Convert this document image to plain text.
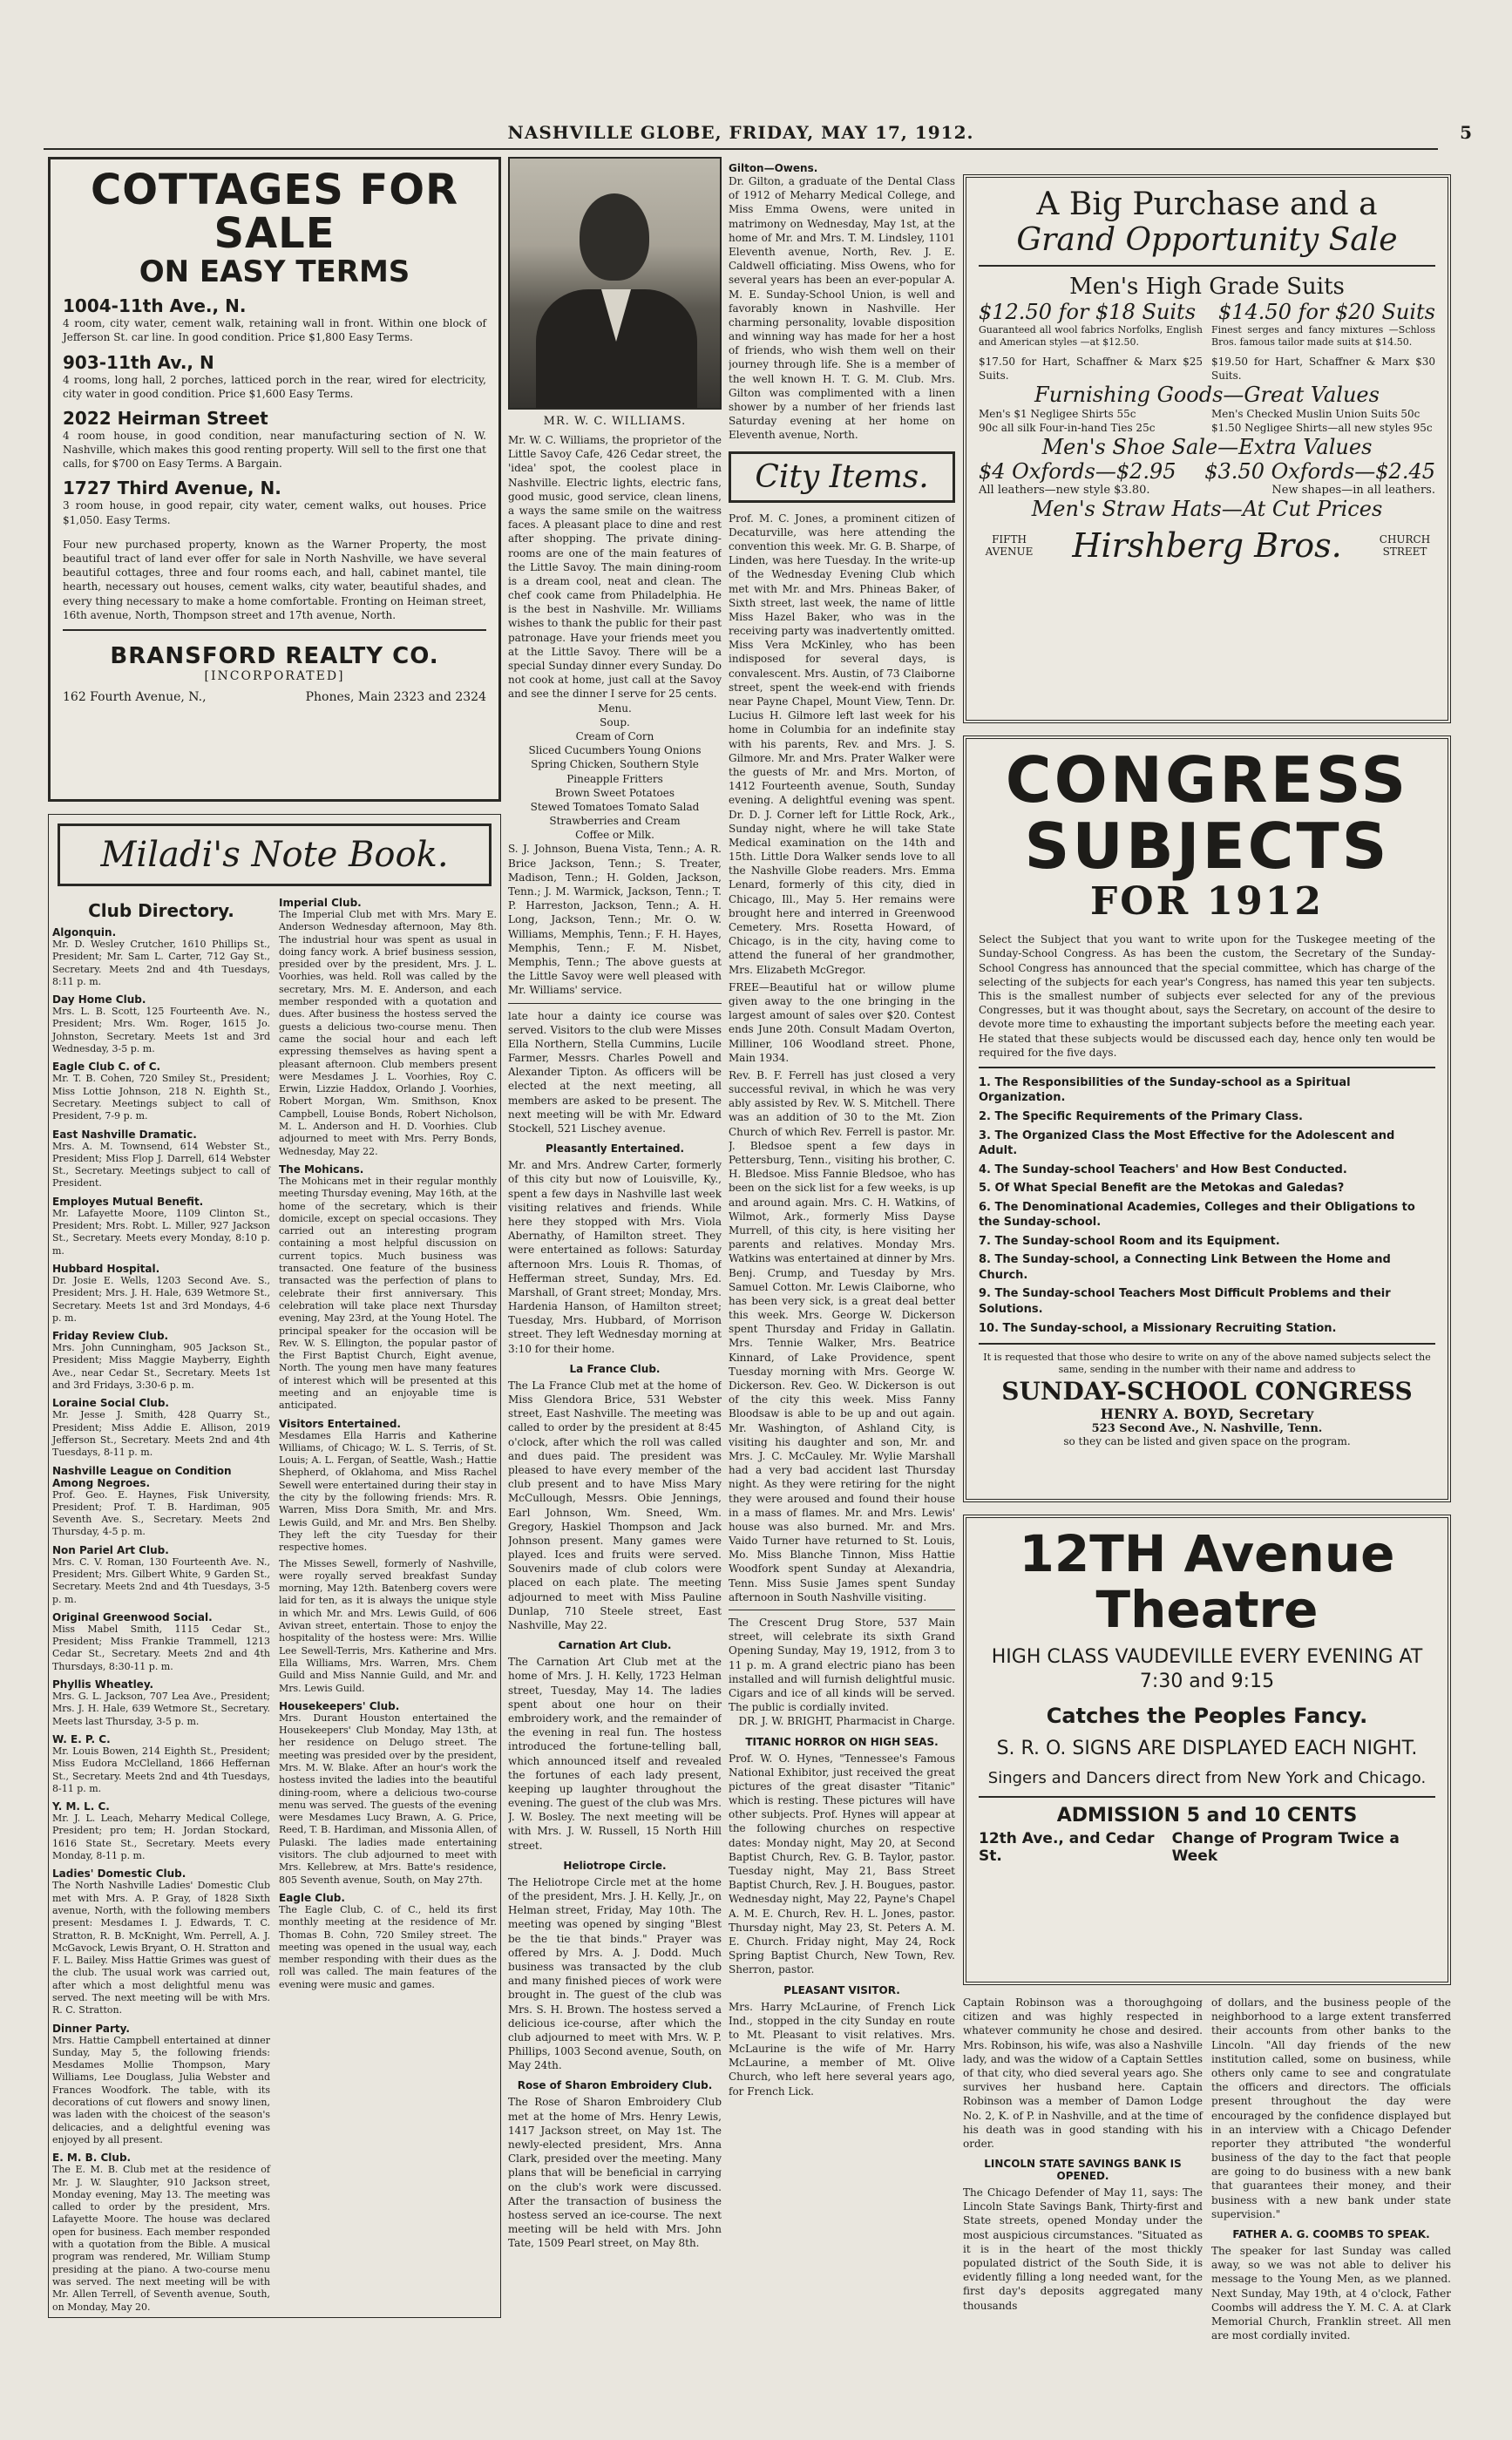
NASHVILLE GLOBE, FRIDAY, MAY 17, 1912.	5
COTTAGES FOR SALE
ON EASY TERMS
1004-11th Ave., N.
4 room, city water, cement walk, retaining wall in front. Within one block of Jefferson St. car line. In good condition. Price $1,800 Easy Terms.
903-11th Av., N
4 rooms, long hall, 2 porches, latticed porch in the rear, wired for electricity, city water in good condition. Price $1,600 Easy Terms.
2022 Heirman Street
4 room house, in good condition, near manufacturing section of N. W. Nashville, which makes this good renting property. Will sell to the first one that calls, for $700 on Easy Terms. A Bargain.
1727 Third Avenue, N.
3 room house, in good repair, city water, cement walks, out houses. Price $1,050. Easy Terms.
Four new purchased property, known as the Warner Property, the most beautiful tract of land ever offer for sale in North Nashville, we have several beautiful cottages, three and four rooms each, and hall, cabinet mantel, tile hearth, necessary out houses, cement walks, city water, beautiful shades, and every thing necessary to make a home comfortable. Fronting on Heiman street, 16th avenue, North, Thompson street and 17th avenue, North.
BRANSFORD REALTY CO.
[INCORPORATED]
162 Fourth Avenue, N.,	Phones, Main 2323 and 2324
Miladi's Note Book.
Club Directory.
Algonquin.
Mr. D. Wesley Crutcher, 1610 Phillips St., President; Mr. Sam L. Carter, 712 Gay St., Secretary. Meets 2nd and 4th Tuesdays, 8:11 p. m.
Day Home Club.
Mrs. L. B. Scott, 125 Fourteenth Ave. N., President; Mrs. Wm. Roger, 1615 Jo. Johnston, Secretary. Meets 1st and 3rd Wednesday, 3-5 p. m.
Eagle Club C. of C.
Mr. T. B. Cohen, 720 Smiley St., President; Miss Lottie Johnson, 218 N. Eighth St., Secretary. Meetings subject to call of President, 7-9 p. m.
East Nashville Dramatic.
Mrs. A. M. Townsend, 614 Webster St., President; Miss Flop J. Darrell, 614 Webster St., Secretary. Meetings subject to call of President.
Employes Mutual Benefit.
Mr. Lafayette Moore, 1109 Clinton St., President; Mrs. Robt. L. Miller, 927 Jackson St., Secretary. Meets every Monday, 8:10 p. m.
Hubbard Hospital.
Dr. Josie E. Wells, 1203 Second Ave. S., President; Mrs. J. H. Hale, 639 Wetmore St., Secretary. Meets 1st and 3rd Mondays, 4-6 p. m.
Friday Review Club.
Mrs. John Cunningham, 905 Jackson St., President; Miss Maggie Mayberry, Eighth Ave., near Cedar St., Secretary. Meets 1st and 3rd Fridays, 3:30-6 p. m.
Loraine Social Club.
Mr. Jesse J. Smith, 428 Quarry St., President; Miss Addie E. Allison, 2019 Jefferson St., Secretary. Meets 2nd and 4th Tuesdays, 8-11 p. m.
Nashville League on Condition Among Negroes.
Prof. Geo. E. Haynes, Fisk University, President; Prof. T. B. Hardiman, 905 Seventh Ave. S., Secretary. Meets 2nd Thursday, 4-5 p. m.
Non Pariel Art Club.
Mrs. C. V. Roman, 130 Fourteenth Ave. N., President; Mrs. Gilbert White, 9 Garden St., Secretary. Meets 2nd and 4th Tuesdays, 3-5 p. m.
Original Greenwood Social.
Miss Mabel Smith, 1115 Cedar St., President; Miss Frankie Trammell, 1213 Cedar St., Secretary. Meets 2nd and 4th Thursdays, 8:30-11 p. m.
Phyllis Wheatley.
Mrs. G. L. Jackson, 707 Lea Ave., President; Mrs. J. H. Hale, 639 Wetmore St., Secretary. Meets last Thursday, 3-5 p. m.
W. E. P. C.
Mr. Louis Bowen, 214 Eighth St., President; Miss Eudora McClelland, 1866 Heffernan St., Secretary. Meets 2nd and 4th Tuesdays, 8-11 p. m.
Y. M. L. C.
Mr. J. L. Leach, Meharry Medical College, President; pro tem; H. Jordan Stockard, 1616 State St., Secretary. Meets every Monday, 8-11 p. m.
Ladies' Domestic Club.
The North Nashville Ladies' Domestic Club met with Mrs. A. P. Gray, of 1828 Sixth avenue, North, with the following members present: Mesdames I. J. Edwards, T. C. Stratton, R. B. McKnight, Wm. Perrell, A. J. McGavock, Lewis Bryant, O. H. Stratton and F. L. Bailey. Miss Hattie Grimes was guest of the club. The usual work was carried out, after which a most delightful menu was served. The next meeting will be with Mrs. R. C. Stratton.
Dinner Party.
Mrs. Hattie Campbell entertained at dinner Sunday, May 5, the following friends: Mesdames Mollie Thompson, Mary Williams, Lee Douglass, Julia Webster and Frances Woodfork. The table, with its decorations of cut flowers and snowy linen, was laden with the choicest of the season's delicacies, and a delightful evening was enjoyed by all present.
E. M. B. Club.
The E. M. B. Club met at the residence of Mr. J. W. Slaughter, 910 Jackson street, Monday evening, May 13. The meeting was called to order by the president, Mrs. Lafayette Moore. The house was declared open for business. Each member responded with a quotation from the Bible. A musical program was rendered, Mr. William Stump presiding at the piano. A two-course menu was served. The next meeting will be with Mr. Allen Terrell, of Seventh avenue, South, on Monday, May 20.
Imperial Club.
The Imperial Club met with Mrs. Mary E. Anderson Wednesday afternoon, May 8th. The industrial hour was spent as usual in doing fancy work. A brief business session, presided over by the president, Mrs. J. L. Voorhies, was held. Roll was called by the secretary, Mrs. M. E. Anderson, and each member responded with a quotation and dues. After business the hostess served the guests a delicious two-course menu. Then came the social hour and each left expressing themselves as having spent a pleasant afternoon. Club members present were Mesdames J. L. Voorhies, Roy C. Erwin, Lizzie Haddox, Orlando J. Voorhies, Robert Morgan, Wm. Smithson, Knox Campbell, Louise Bonds, Robert Nicholson, M. L. Anderson and H. D. Voorhies. Club adjourned to meet with Mrs. Perry Bonds, Wednesday, May 22.
The Mohicans.
The Mohicans met in their regular monthly meeting Thursday evening, May 16th, at the home of the secretary, which is their domicile, except on special occasions. They carried out an interesting program containing a most helpful discussion on current topics. Much business was transacted. One feature of the business transacted was the perfection of plans to celebrate their first anniversary. This celebration will take place next Thursday evening, May 23rd, at the Young Hotel. The principal speaker for the occasion will be Rev. W. S. Ellington, the popular pastor of the First Baptist Church, Eight avenue, North. The young men have many features of interest which will be presented at this meeting and an enjoyable time is anticipated.
Visitors Entertained.
Mesdames Ella Harris and Katherine Williams, of Chicago; W. L. S. Terris, of St. Louis; A. L. Fergan, of Seattle, Wash.; Hattie Shepherd, of Oklahoma, and Miss Rachel Sewell were entertained during their stay in the city by the following friends: Mrs. R. Warren, Miss Dora Smith, Mr. and Mrs. Lewis Guild, and Mr. and Mrs. Ben Shelby. They left the city Tuesday for their respective homes.
The Misses Sewell, formerly of Nashville, were royally served breakfast Sunday morning, May 12th. Batenberg covers were laid for ten, as it is always the unique style in which Mr. and Mrs. Lewis Guild, of 606 Avivan street, entertain. Those to enjoy the hospitality of the hostess were: Mrs. Willie Lee Sewell-Terris, Mrs. Katherine and Mrs. Ella Williams, Mrs. Warren, Mrs. Chem Guild and Miss Nannie Guild, and Mr. and Mrs. Lewis Guild.
Housekeepers' Club.
Mrs. Durant Houston entertained the Housekeepers' Club Monday, May 13th, at her residence on Delugo street. The meeting was presided over by the president, Mrs. M. W. Blake. After an hour's work the hostess invited the ladies into the beautiful dining-room, where a delicious two-course menu was served. The guests of the evening were Mesdames Lucy Brawn, A. G. Price, Reed, T. B. Hardiman, and Missonia Allen, of Pulaski. The ladies made entertaining visitors. The club adjourned to meet with Mrs. Kellebrew, at Mrs. Batte's residence, 805 Seventh avenue, South, on May 27th.
Eagle Club.
The Eagle Club, C. of C., held its first monthly meeting at the residence of Mr. Thomas B. Cohn, 720 Smiley street. The meeting was opened in the usual way, each member responding with their dues as the roll was called. The main features of the evening were music and games.
MR. W. C. WILLIAMS.
Mr. W. C. Williams, the proprietor of the Little Savoy Cafe, 426 Cedar street, the 'idea' spot, the coolest place in Nashville. Electric lights, electric fans, good music, good service, clean linens, a ways the same smile on the waitress faces. A pleasant place to dine and rest after shopping. The private dining-rooms are one of the main features of the Little Savoy. The main dining-room is a dream cool, neat and clean. The chef cook came from Philadelphia. He is the best in Nashville. Mr. Williams wishes to thank the public for their past patronage. Have your friends meet you at the Little Savoy. There will be a special Sunday dinner every Sunday. Do not cook at home, just call at the Savoy and see the dinner I serve for 25 cents.
Menu.
Soup.
Cream of Corn
Sliced Cucumbers Young Onions
Spring Chicken, Southern Style
Pineapple Fritters
Brown Sweet Potatoes
Stewed Tomatoes Tomato Salad
Strawberries and Cream
Coffee or Milk.
S. J. Johnson, Buena Vista, Tenn.; A. R. Brice Jackson, Tenn.; S. Treater, Madison, Tenn.; H. Golden, Jackson, Tenn.; J. M. Warmick, Jackson, Tenn.; T. P. Harreston, Jackson, Tenn.; A. H. Long, Jackson, Tenn.; Mr. O. W. Williams, Memphis, Tenn.; F. H. Hayes, Memphis, Tenn.; F. M. Nisbet, Memphis, Tenn.; The above guests at the Little Savoy were well pleased with Mr. Williams' service.
late hour a dainty ice course was served. Visitors to the club were Misses Ella Northern, Stella Cummins, Lucile Farmer, Messrs. Charles Powell and Alexander Tipton. As officers will be elected at the next meeting, all members are asked to be present. The next meeting will be with Mr. Edward Stockell, 521 Lischey avenue.
Pleasantly Entertained.
Mr. and Mrs. Andrew Carter, formerly of this city but now of Louisville, Ky., spent a few days in Nashville last week visiting relatives and friends. While here they stopped with Mrs. Viola Abernathy, of Hamilton street. They were entertained as follows: Saturday afternoon Mrs. Louis R. Thomas, of Hefferman street, Sunday, Mrs. Ed. Marshall, of Grant street; Monday, Mrs. Hardenia Hanson, of Hamilton street; Tuesday, Mrs. Hubbard, of Morrison street. They left Wednesday morning at 3:10 for their home.
La France Club.
The La France Club met at the home of Miss Glendora Brice, 531 Webster street, East Nashville. The meeting was called to order by the president at 8:45 o'clock, after which the roll was called and dues paid. The president was pleased to have every member of the club present and to have Miss Mary McCullough, Messrs. Obie Jennings, Earl Johnson, Wm. Sneed, Wm. Gregory, Haskiel Thompson and Jack Johnson present. Many games were played. Ices and fruits were served. Souvenirs made of club colors were placed on each plate. The meeting adjourned to meet with Miss Pauline Dunlap, 710 Steele street, East Nashville, May 22.
Carnation Art Club.
The Carnation Art Club met at the home of Mrs. J. H. Kelly, 1723 Helman street, Tuesday, May 14. The ladies spent about one hour on their embroidery work, and the remainder of the evening in real fun. The hostess introduced the fortune-telling ball, which announced itself and revealed the fortunes of each lady present, keeping up laughter throughout the evening. The guest of the club was Mrs. J. W. Bosley. The next meeting will be with Mrs. J. W. Russell, 15 North Hill street.
Heliotrope Circle.
The Heliotrope Circle met at the home of the president, Mrs. J. H. Kelly, Jr., on Helman street, Friday, May 10th. The meeting was opened by singing "Blest be the tie that binds." Prayer was offered by Mrs. A. J. Dodd. Much business was transacted by the club and many finished pieces of work were brought in. The guest of the club was Mrs. S. H. Brown. The hostess served a delicious ice-course, after which the club adjourned to meet with Mrs. W. P. Phillips, 1003 Second avenue, South, on May 24th.
Rose of Sharon Embroidery Club.
The Rose of Sharon Embroidery Club met at the home of Mrs. Henry Lewis, 1417 Jackson street, on May 1st. The newly-elected president, Mrs. Anna Clark, presided over the meeting. Many plans that will be beneficial in carrying on the club's work were discussed. After the transaction of business the hostess served an ice-course. The next meeting will be held with Mrs. John Tate, 1509 Pearl street, on May 8th.
Gilton—Owens.
Dr. Gilton, a graduate of the Dental Class of 1912 of Meharry Medical College, and Miss Emma Owens, were united in matrimony on Wednesday, May 1st, at the home of Mr. and Mrs. T. M. Lindsley, 1101 Eleventh avenue, North, Rev. J. E. Caldwell officiating. Miss Owens, who for several years has been an ever-popular A. M. E. Sunday-School Union, is well and favorably known in Nashville. Her charming personality, lovable disposition and winning way has made for her a host of friends, who wish them well on their journey through life. She is a member of the well known H. T. G. M. Club. Mrs. Gilton was complimented with a linen shower by a number of her friends last Saturday evening at her home on Eleventh avenue, North.
City Items.
Prof. M. C. Jones, a prominent citizen of Decaturville, was here attending the convention this week. Mr. G. B. Sharpe, of Linden, was here Tuesday. In the write-up of the Wednesday Evening Club which met with Mr. and Mrs. Phineas Baker, of Sixth street, last week, the name of little Miss Hazel Baker, who was in the receiving party was inadvertently omitted. Miss Vera McKinley, who has been indisposed for several days, is convalescent. Mrs. Austin, of 73 Claiborne street, spent the week-end with friends near Payne Chapel, Mount View, Tenn. Dr. Lucius H. Gilmore left last week for his home in Columbia for an indefinite stay with his parents, Rev. and Mrs. J. S. Gilmore. Mr. and Mrs. Prater Walker were the guests of Mr. and Mrs. Morton, of 1412 Fourteenth avenue, South, Sunday evening. A delightful evening was spent. Dr. D. J. Corner left for Little Rock, Ark., Sunday night, where he will take State Medical examination on the 14th and 15th. Little Dora Walker sends love to all the Nashville Globe readers. Mrs. Emma Lenard, formerly of this city, died in Chicago, Ill., May 5. Her remains were brought here and interred in Greenwood Cemetery. Mrs. Rosetta Howard, of Chicago, is in the city, having come to attend the funeral of her grandmother, Mrs. Elizabeth McGregor.
FREE—Beautiful hat or willow plume given away to the one bringing in the largest amount of sales over $20. Contest ends June 20th. Consult Madam Overton, Milliner, 106 Woodland street. Phone, Main 1934.
Rev. B. F. Ferrell has just closed a very successful revival, in which he was very ably assisted by Rev. W. S. Mitchell. There was an addition of 30 to the Mt. Zion Church of which Rev. Ferrell is pastor. Mr. J. Bledsoe spent a few days in Pettersburg, Tenn., visiting his brother, C. H. Bledsoe. Miss Fannie Bledsoe, who has been on the sick list for a few weeks, is up and around again. Mrs. C. H. Watkins, of Wilmot, Ark., formerly Miss Dayse Murrell, of this city, is here visiting her parents and relatives. Monday Mrs. Watkins was entertained at dinner by Mrs. Benj. Crump, and Tuesday by Mrs. Samuel Cotton. Mr. Lewis Claiborne, who has been very sick, is a great deal better this week. Mrs. George W. Dickerson spent Thursday and Friday in Gallatin. Mrs. Tennie Walker, Mrs. Beatrice Kinnard, of Lake Providence, spent Tuesday morning with Mrs. George W. Dickerson. Rev. Geo. W. Dickerson is out of the city this week. Miss Fanny Bloodsaw is able to be up and out again. Mr. Washington, of Ashland City, is visiting his daughter and son, Mr. and Mrs. J. C. McCauley. Mr. Wylie Marshall had a very bad accident last Thursday night. As they were retiring for the night they were aroused and found their house in a mass of flames. Mr. and Mrs. Lewis' house was also burned. Mr. and Mrs. Vaido Turner have returned to St. Louis, Mo. Miss Blanche Tinnon, Miss Hattie Woodfork spent Sunday at Alexandria, Tenn. Miss Susie James spent Sunday afternoon in South Nashville visiting.
The Crescent Drug Store, 537 Main street, will celebrate its sixth Grand Opening Sunday, May 19, 1912, from 3 to 11 p. m. A grand electric piano has been installed and will furnish delightful music. Cigars and ice of all kinds will be served. The public is cordially invited.
DR. J. W. BRIGHT, Pharmacist in Charge.
TITANIC HORROR ON HIGH SEAS.
Prof. W. O. Hynes, "Tennessee's Famous National Exhibitor, just received the great pictures of the great disaster "Titanic" which is resting. These pictures will have other subjects. Prof. Hynes will appear at the following churches on respective dates: Monday night, May 20, at Second Baptist Church, Rev. G. B. Taylor, pastor. Tuesday night, May 21, Bass Street Baptist Church, Rev. J. H. Bougues, pastor. Wednesday night, May 22, Payne's Chapel A. M. E. Church, Rev. H. L. Jones, pastor. Thursday night, May 23, St. Peters A. M. E. Church. Friday night, May 24, Rock Spring Baptist Church, New Town, Rev. Sherron, pastor.
PLEASANT VISITOR.
Mrs. Harry McLaurine, of French Lick Ind., stopped in the city Sunday en route to Mt. Pleasant to visit relatives. Mrs. McLaurine is the wife of Mr. Harry McLaurine, a member of Mt. Olive Church, who left here several years ago, for French Lick.
A Big Purchase and a
Grand Opportunity Sale
Men's High Grade Suits
$12.50 for $18 Suits $14.50 for $20 Suits
Guaranteed all wool fabrics Norfolks, English and American styles —at $12.50.
Finest serges and fancy mixtures —Schloss Bros. famous tailor made suits at $14.50.
$17.50 for Hart, Schaffner & Marx $25 Suits.
$19.50 for Hart, Schaffner & Marx $30 Suits.
Furnishing Goods—Great Values
Men's $1 Negligee Shirts 55c
90c all silk Four-in-hand Ties 25c
Men's Checked Muslin Union Suits 50c
$1.50 Negligee Shirts—all new styles 95c
Men's Shoe Sale—Extra Values
$4 Oxfords—$2.95 $3.50 Oxfords—$2.45
All leathers—new style $3.80.	New shapes—in all leathers.
Men's Straw Hats—At Cut Prices
FIFTH AVENUE Hirshberg Bros.	CHURCH STREET
CONGRESS
SUBJECTS
FOR 1912
Select the Subject that you want to write upon for the Tuskegee meeting of the Sunday-School Congress. As has been the custom, the Secretary of the Sunday-School Congress has announced that the special committee, which has charge of the selecting of the subjects for each year's Congress, has named this year ten subjects. This is the smallest number of subjects ever selected for any of the previous Congresses, but it was thought about, says the Secretary, on account of the desire to devote more time to exhausting the important subjects before the meeting each year. He stated that these subjects would be discussed each day, hence only ten would be required for the five days.
1. The Responsibilities of the Sunday-school as a Spiritual Organization.
2. The Specific Requirements of the Primary Class.
3. The Organized Class the Most Effective for the Adolescent and Adult.
4. The Sunday-school Teachers' and How Best Conducted.
5. Of What Special Benefit are the Metokas and Galedas?
6. The Denominational Academies, Colleges and their Obligations to the Sunday-school.
7. The Sunday-school Room and its Equipment.
8. The Sunday-school, a Connecting Link Between the Home and Church.
9. The Sunday-school Teachers Most Difficult Problems and their Solutions.
10. The Sunday-school, a Missionary Recruiting Station.
It is requested that those who desire to write on any of the above named subjects select the same, sending in the number with their name and address to
SUNDAY-SCHOOL CONGRESS
HENRY A. BOYD, Secretary
523 Second Ave., N. Nashville, Tenn.
so they can be listed and given space on the program.
12TH Avenue Theatre
HIGH CLASS VAUDEVILLE EVERY EVENING AT 7:30 and 9:15
Catches the Peoples Fancy.
S. R. O. SIGNS ARE DISPLAYED EACH NIGHT.
Singers and Dancers direct from New York and Chicago.
ADMISSION 5 and 10 CENTS
12th Ave., and Cedar St.
Change of Program Twice a Week
Captain Robinson was a thoroughgoing citizen and was highly respected in whatever community he chose and desired. Mrs. Robinson, his wife, was also a Nashville lady, and was the widow of a Captain Settles of that city, who died several years ago. She survives her husband here. Captain Robinson was a member of Damon Lodge No. 2, K. of P. in Nashville, and at the time of his death was in good standing with his order.
LINCOLN STATE SAVINGS BANK IS OPENED.
The Chicago Defender of May 11, says: The Lincoln State Savings Bank, Thirty-first and State streets, opened Monday under the most auspicious circumstances. "Situated as it is in the heart of the most thickly populated district of the South Side, it is evidently filling a long needed want, for the first day's deposits aggregated many thousands
of dollars, and the business people of the neighborhood to a large extent transferred their accounts from other banks to the Lincoln. "All day friends of the new institution called, some on business, while others only came to see and congratulate the officers and directors. The officials present throughout the day were encouraged by the confidence displayed but in an interview with a Chicago Defender reporter they attributed "the wonderful business of the day to the fact that people are going to do business with a new bank that guarantees their money, and their business with a new bank under state supervision."
FATHER A. G. COOMBS TO SPEAK.
The speaker for last Sunday was called away, so we was not able to deliver his message to the Young Men, as we planned. Next Sunday, May 19th, at 4 o'clock, Father Coombs will address the Y. M. C. A. at Clark Memorial Church, Franklin street. All men are most cordially invited.
